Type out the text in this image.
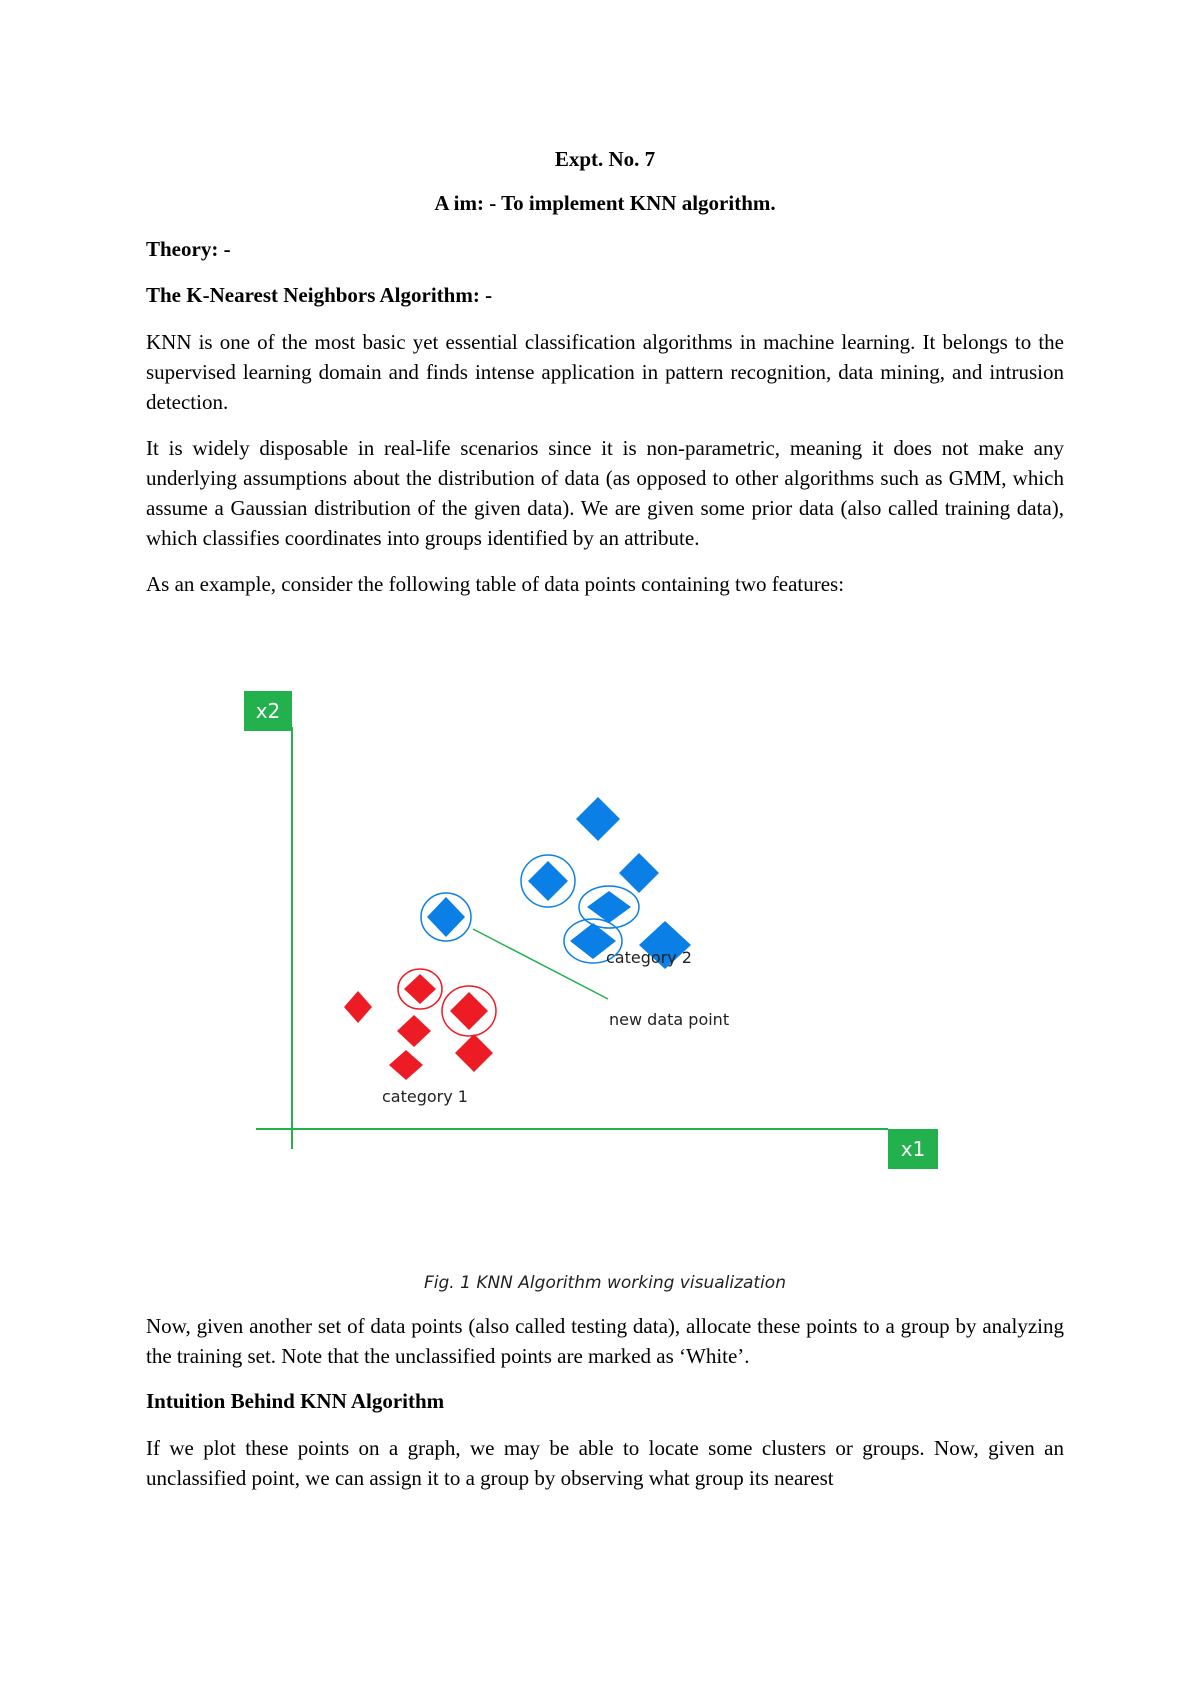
Expt. No. 7

A im: - To implement KNN algorithm.

Theory: -

The K-Nearest Neighbors Algorithm: -

KNN is one of the most basic yet essential classification algorithms in machine learning. It belongs to the supervised learning domain and finds intense application in pattern recognition, data mining, and intrusion detection.

It is widely disposable in real-life scenarios since it is non-parametric, meaning it does not make any underlying assumptions about the distribution of data (as opposed to other algorithms such as GMM, which assume a Gaussian distribution of the given data). We are given some prior data (also called training data), which classifies coordinates into groups identified by an attribute.

As an example, consider the following table of data points containing two features:

x2
x1
category 2
new data point
category 1

Fig. 1 KNN Algorithm working visualization

Now, given another set of data points (also called testing data), allocate these points to a group by analyzing the training set. Note that the unclassified points are marked as ‘White’.

Intuition Behind KNN Algorithm

If we plot these points on a graph, we may be able to locate some clusters or groups. Now, given an unclassified point, we can assign it to a group by observing what group its nearest
